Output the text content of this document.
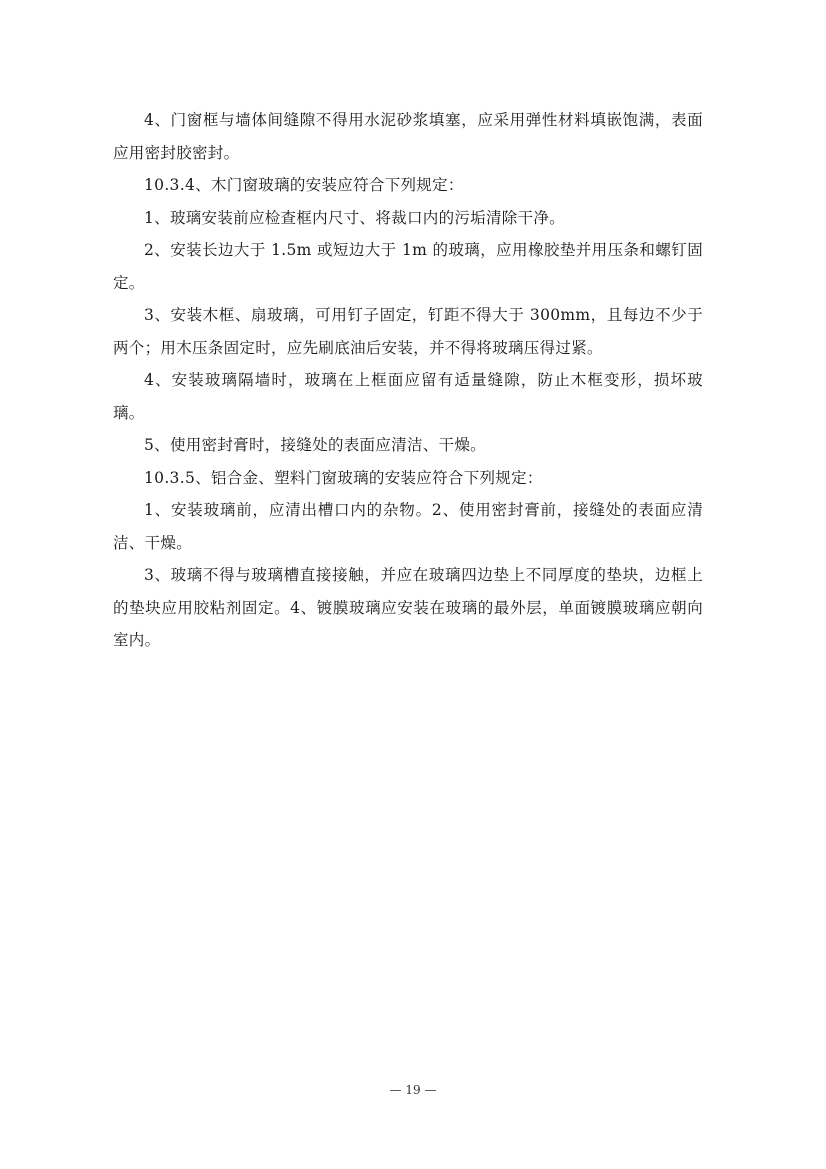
4、门窗框与墙体间缝隙不得用水泥砂浆填塞，应采用弹性材料填嵌饱满，表面应用密封胶密封。

10.3.4、木门窗玻璃的安装应符合下列规定：

1、玻璃安装前应检查框内尺寸、将裁口内的污垢清除干净。

2、安装长边大于 1.5m 或短边大于 1m 的玻璃，应用橡胶垫并用压条和螺钉固定。

3、安装木框、扇玻璃，可用钉子固定，钉距不得大于 300mm，且每边不少于两个；用木压条固定时，应先刷底油后安装，并不得将玻璃压得过紧。

4、安装玻璃隔墙时，玻璃在上框面应留有适量缝隙，防止木框变形，损坏玻璃。

5、使用密封膏时，接缝处的表面应清洁、干燥。

10.3.5、铝合金、塑料门窗玻璃的安装应符合下列规定：

1、安装玻璃前，应清出槽口内的杂物。2、使用密封膏前，接缝处的表面应清洁、干燥。

3、玻璃不得与玻璃槽直接接触，并应在玻璃四边垫上不同厚度的垫块，边框上的垫块应用胶粘剂固定。4、镀膜玻璃应安装在玻璃的最外层，单面镀膜玻璃应朝向室内。

— 19 —
